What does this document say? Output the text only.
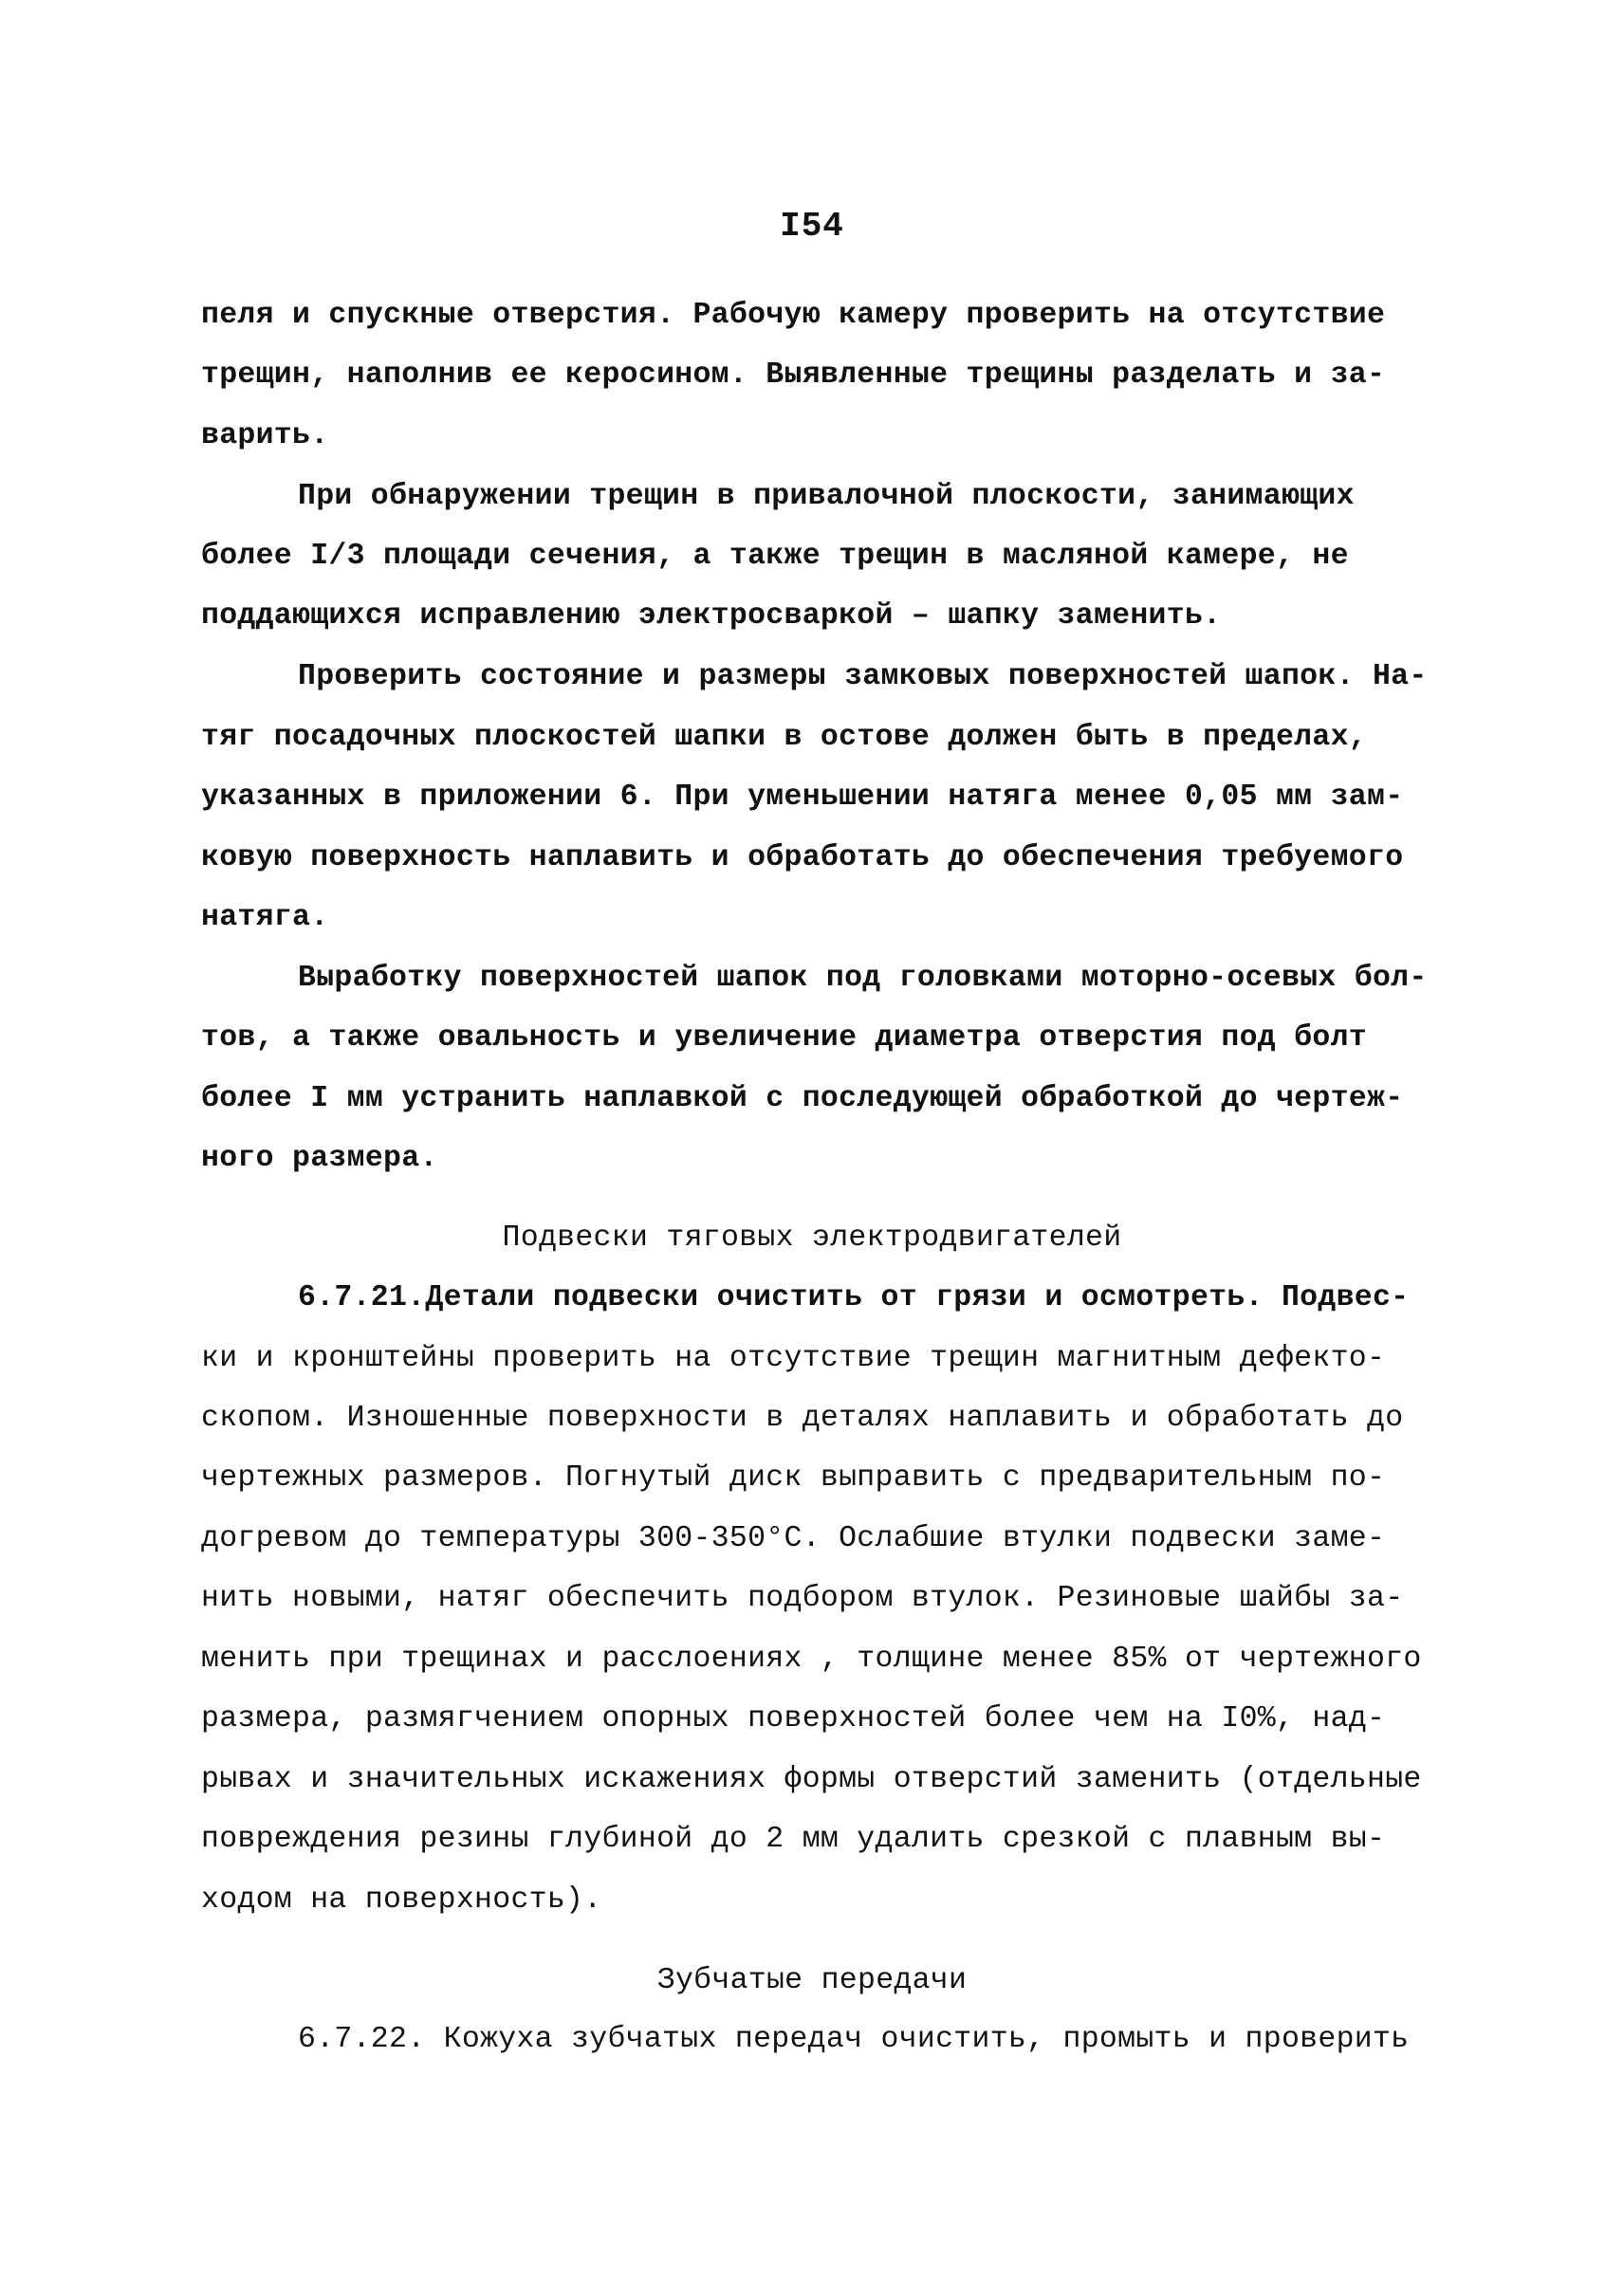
I54
пеля и спускные отверстия. Рабочую камеру проверить на отсутствие
трещин, наполнив ее керосином. Выявленные трещины разделать и за-
варить.
При обнаружении трещин в привалочной плоскости, занимающих
более I/3 площади сечения, а также трещин в масляной камере, не
поддающихся исправлению электросваркой – шапку заменить.
Проверить состояние и размеры замковых поверхностей шапок. На-
тяг посадочных плоскостей шапки в остове должен быть в пределах,
указанных в приложении 6. При уменьшении натяга менее 0,05 мм зам-
ковую поверхность наплавить и обработать до обеспечения требуемого
натяга.
Выработку поверхностей шапок под головками моторно-осевых бол-
тов, а также овальность и увеличение диаметра отверстия под болт
более I мм устранить наплавкой с последующей обработкой до чертеж-
ного размера.
Подвески тяговых электродвигателей
6.7.21.Детали подвески очистить от грязи и осмотреть. Подвес-
ки и кронштейны проверить на отсутствие трещин магнитным дефекто-
скопом. Изношенные поверхности в деталях наплавить и обработать до
чертежных размеров. Погнутый диск выправить с предварительным по-
догревом до температуры 300-350°С. Ослабшие втулки подвески заме-
нить новыми, натяг обеспечить подбором втулок. Резиновые шайбы за-
менить при трещинах и расслоениях , толщине менее 85% от чертежного
размера, размягчением опорных поверхностей более чем на I0%, над-
рывах и значительных искажениях формы отверстий заменить (отдельные
повреждения резины глубиной до 2 мм удалить срезкой с плавным вы-
ходом на поверхность).
Зубчатые передачи
6.7.22. Кожуха зубчатых передач очистить, промыть и проверить
